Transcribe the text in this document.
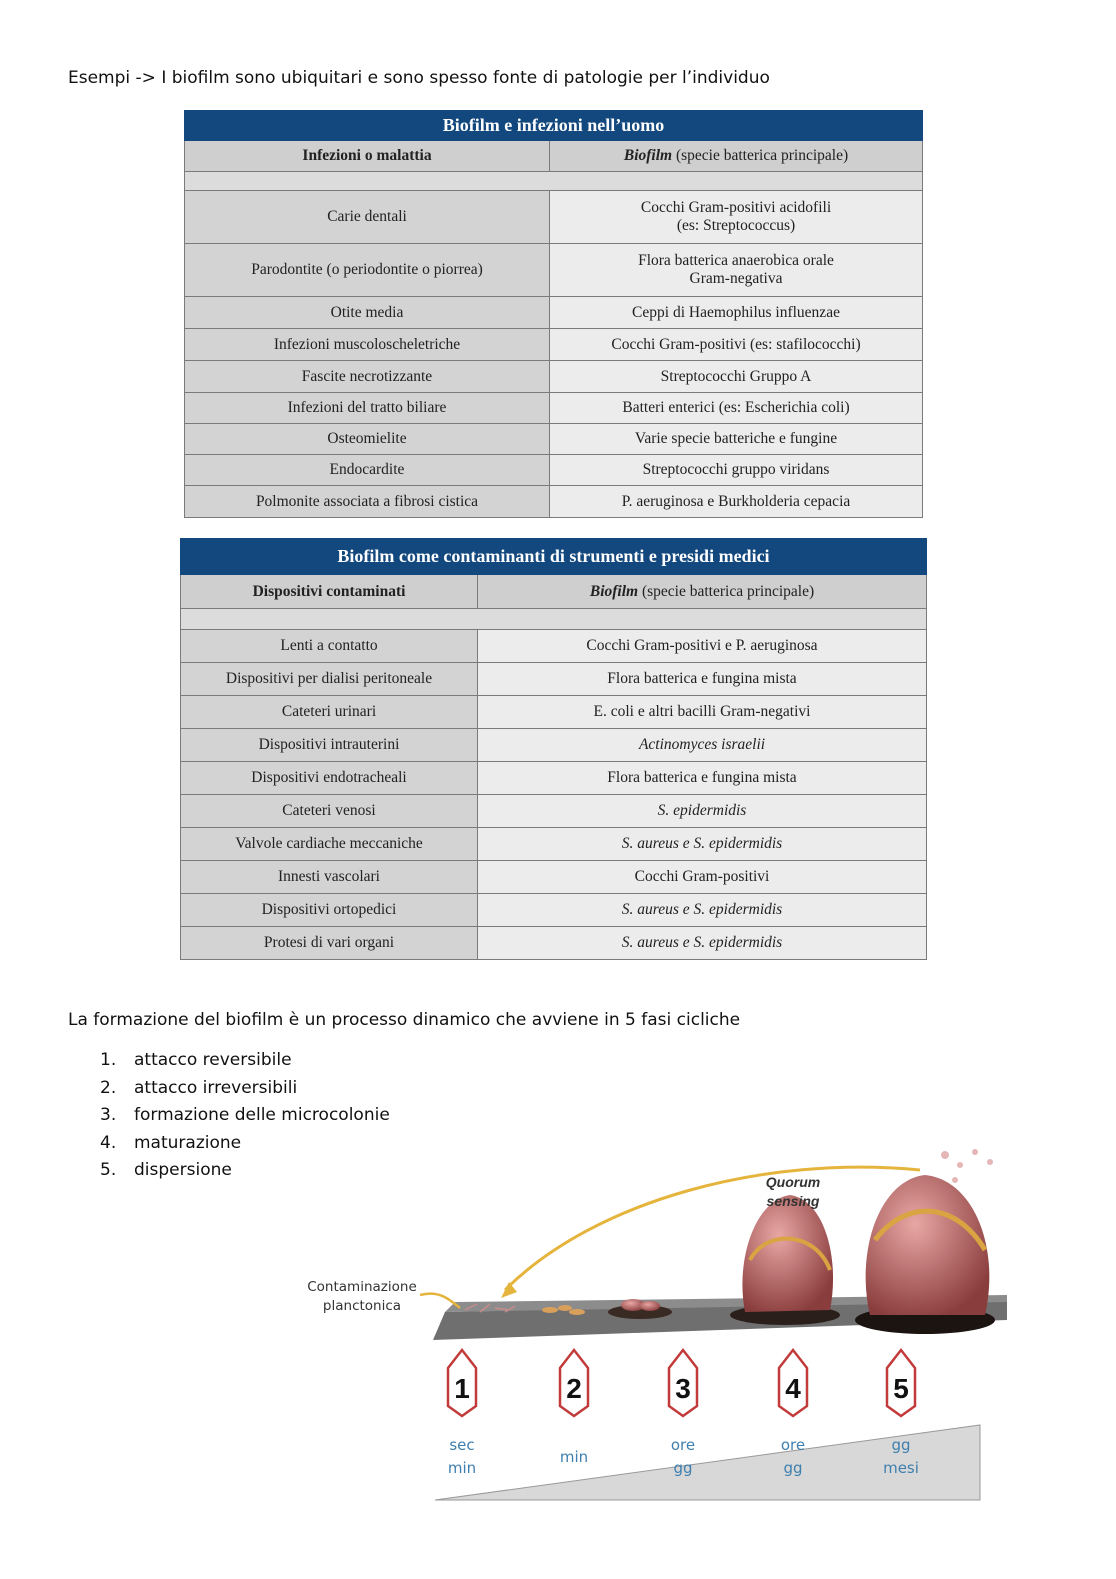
Esempi -> I biofilm sono ubiquitari e sono spesso fonte di patologie per l’individuo
Biofilm e infezioni nell’uomo	
Infezioni o malattia	Biofilm (specie batterica principale)

Carie dentali	Cocchi Gram-positivi acidofili
(es: Streptococcus)

Parodontite (o periodontite o piorrea)	Flora batterica anaerobica orale
Gram-negativa

Otite media	Ceppi di Haemophilus influenzae
Infezioni muscoloscheletriche	Cocchi Gram-positivi (es: stafilococchi)
Fascite necrotizzante	Streptococchi Gruppo A
Infezioni del tratto biliare	Batteri enterici (es: Escherichia coli)
Osteomielite	Varie specie batteriche e fungine
Endocardite	Streptococchi gruppo viridans
Polmonite associata a fibrosi cistica	P. aeruginosa e Burkholderia cepacia
Biofilm come contaminanti di strumenti e presidi medici	
Dispositivi contaminati	Biofilm (specie batterica principale)

Lenti a contatto	Cocchi Gram-positivi e P. aeruginosa
Dispositivi per dialisi peritoneale	Flora batterica e fungina mista
Cateteri urinari	E. coli e altri bacilli Gram-negativi
Dispositivi intrauterini	Actinomyces israelii
Dispositivi endotracheali	Flora batterica e fungina mista
Cateteri venosi	S. epidermidis
Valvole cardiache meccaniche	S. aureus e S. epidermidis
Innesti vascolari	Cocchi Gram-positivi
Dispositivi ortopedici	S. aureus e S. epidermidis
Protesi di vari organi	S. aureus e S. epidermidis
La formazione del biofilm è un processo dinamico che avviene in 5 fasi cicliche
1.	attacco reversibile
2.	attacco irreversibili
3.	formazione delle microcolonie
4.	maturazione
5.	dispersione
Quorum
sensing
Contaminazione
planctonica
1
sec
min
2
min
3
ore
gg
4
ore
gg
5
gg
mesi
